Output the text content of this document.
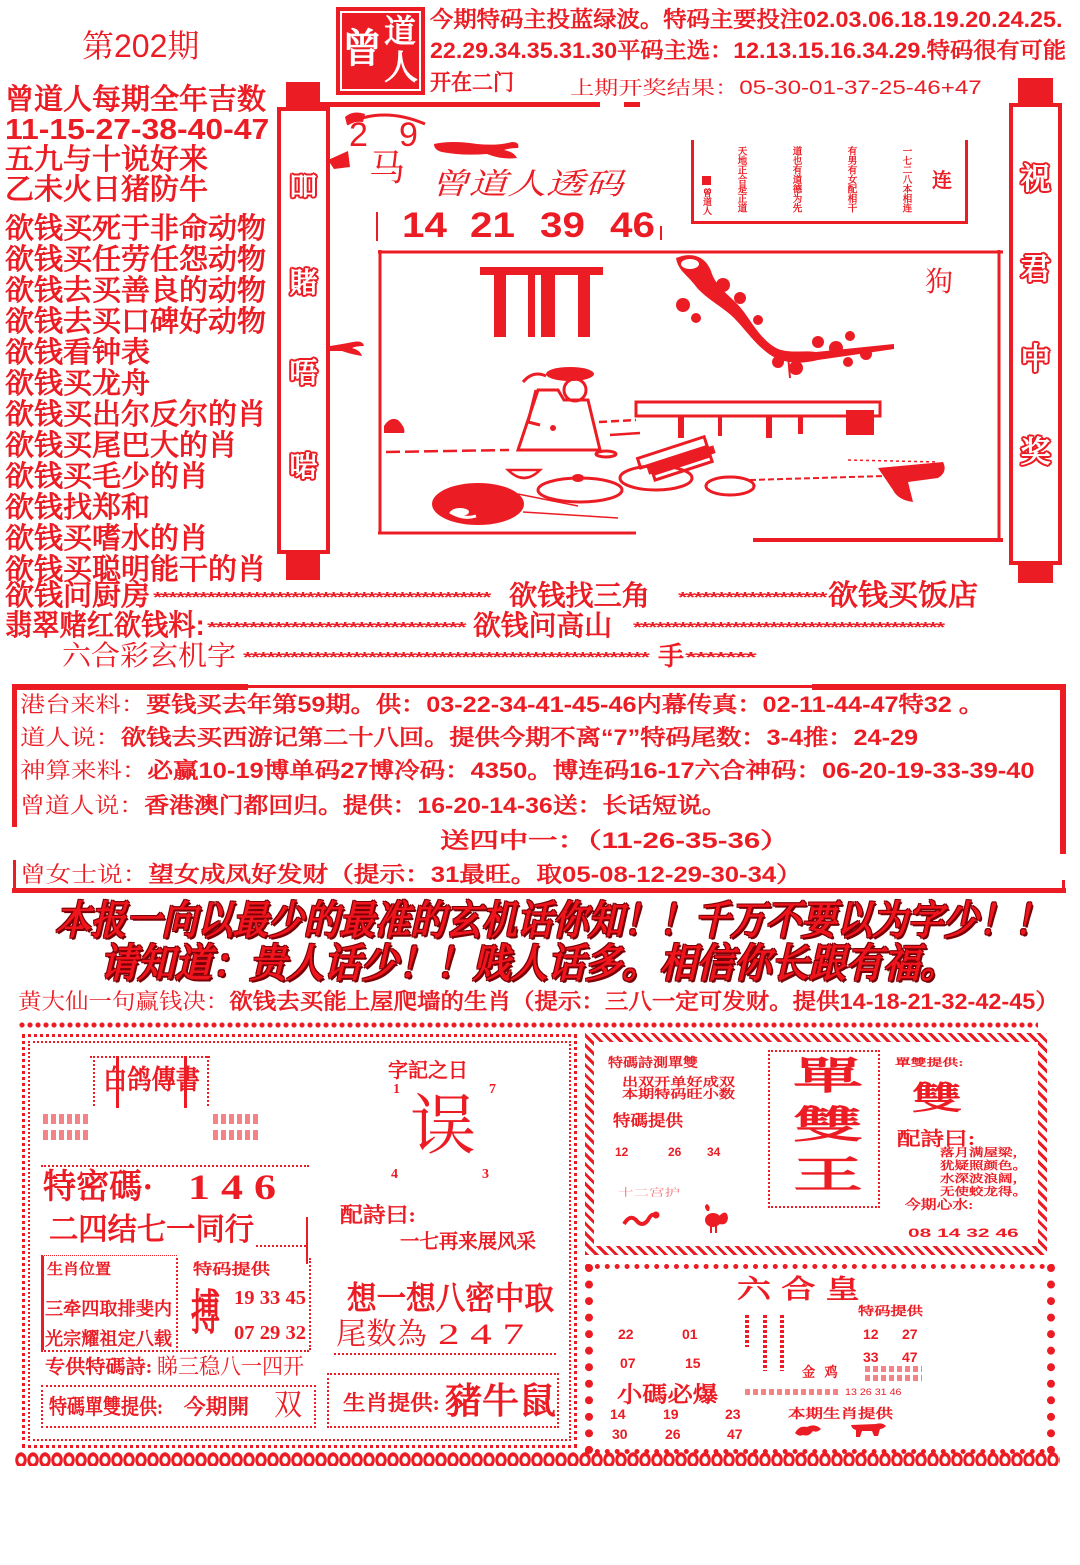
第202期	曾 道
人
今期特码主投蓝绿波。特码主要投注02.03.06.18.19.20.24.25.
22.29.34.35.31.30平码主选：12.13.15.16.34.29.特码很有可能
开在二门	上期开奖结果：05-30-01-37-25-46+47
曾道人每期全年吉数
11-15-27-38-40-47
五九与十说好来
乙未火日猪防牛
欲钱买死于非命动物
欲钱买任劳任怨动物
欲钱去买善良的动物
欲钱去买口碑好动物
欲钱看钟表
欲钱买龙舟
欲钱买出尔反尔的肖
欲钱买尾巴大的肖
欲钱买毛少的肖
欲钱找郑和
欲钱买嗜水的肖
欲钱买聪明能干的肖
吅
賭
唔
啱
祝
君
中
奖
2 9
马 曾道人透码
14 21 39 46
连
一七二八本相连
有男有女配相干
道也有道德为先
天地正合是正道
曾道人
狗
欲钱问厨房 ******************************************** 欲钱找三角 ******************* 欲钱买饭店
翡翠赌红欲钱料: ******************************* 欲钱问高山 *****************************************
六合彩玄机字 **************************************************** 手 *******
港台来料：要钱买去年第59期。供：03-22-34-41-45-46内幕传真：02-11-44-47特32 。
道人说：欲钱去买西游记第二十八回。提供今期不离“7”特码尾数：3-4推：24-29
神算来料：必赢10-19博单码27博冷码：4350。博连码16-17六合神码：06-20-19-33-39-40
曾道人说：香港澳门都回归。提供：16-20-14-36送：长话短说。
送四中一：（11-26-35-36）
曾女士说：望女成凤好发财（提示：31最旺。取05-08-12-29-30-34）
本报一向以最少的最准的玄机话你知！！千万不要以为字少！！
请知道：贵人话少！！贱人话多。相信你长跟有福。
黄大仙一句赢钱决：欲钱去买能上屋爬墙的生肖（提示：三八一定可发财。提供14-18-21-32-42-45）
白鸽傳書	字記之日
1	7
误
4	3
特密碼· 1 4 6
二四结七一同行	配詩曰:
一七再来展风采
生肖位置
三牵四取排斐内
光宗耀祖定八载
特码提供
搏 19 33 45
07 29 32
想一想八密中取
尾数為 2 4 7
专供特碼詩: 睇三稳八一四开
特碼單雙提供: 今期開 双 生肖提供: 豬牛鼠
特碼詩測單雙
出双开单好成双
本期特码旺小数
特碼提供
12	26 34
十二宫护
單
雙
王
單雙提供:
雙
配詩曰:
落月满屋梁，
犹疑照颜色。
水深波浪阔，
无使蛟龙得。
今期心水:
08 14 32 46
六合皇
特码提供
22	01
07	15
12 27
33 47
金鸡
小碼必爆	13 26 31 46
14	19	23
30	26	47
本期生肖提供
